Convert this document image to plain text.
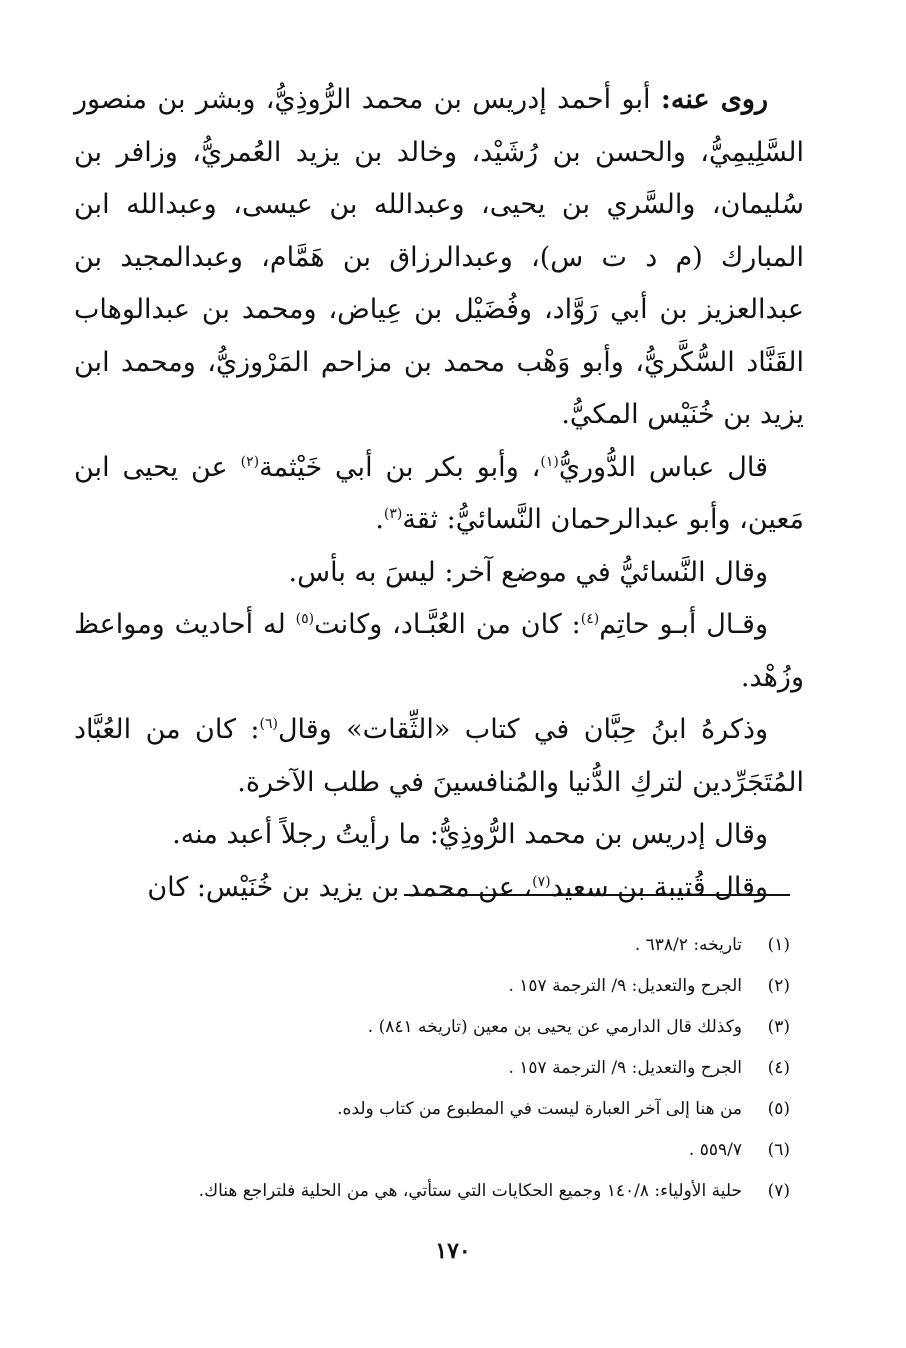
روى عنه: أبو أحمد إدريس بن محمد الرُّوذِيُّ، وبشر بن منصور السَّلِيمِيُّ، والحسن بن رُشَيْد، وخالد بن يزيد العُمريُّ، وزافر بن سُليمان، والسَّري بن يحيى، وعبدالله بن عيسى، وعبدالله ابن المبارك (م د ت س)، وعبدالرزاق بن هَمَّام، وعبدالمجيد بن عبدالعزيز بن أبي رَوَّاد، وفُضَيْل بن عِياض، ومحمد بن عبدالوهاب القَنَّاد السُّكَّريُّ، وأبو وَهْب محمد بن مزاحم المَرْوزيُّ، ومحمد ابن يزيد بن خُنَيْس المكيُّ.

قال عباس الدُّوريُّ$^{(١)}$، وأبو بكر بن أبي خَيْثمة$^{(٢)}$ عن يحيى ابن مَعين، وأبو عبدالرحمان النَّسائيُّ: ثقة$^{(٣)}$.

وقال النَّسائيُّ في موضع آخر: ليسَ به بأس.

وقـال أبـو حاتِم$^{(٤)}$: كان من العُبَّـاد، وكانت$^{(٥)}$ له أحاديث ومواعظ وزُهْد.

وذكرهُ ابنُ حِبَّان في كتاب «الثِّقات» وقال$^{(٦)}$: كان من العُبَّاد المُتَجَرِّدين لتركِ الدُّنيا والمُنافسينَ في طلب الآخرة.

وقال إدريس بن محمد الرُّوذِيُّ: ما رأيتُ رجلاً أعبد منه.

وقال قُتيبة بن سعيد$^{(٧)}$، عن محمد بن يزيد بن خُنَيْس: كان

(١)
تاريخه: ٦٣٨/٢ .
(٢)
الجرح والتعديل: ٩/ الترجمة ١٥٧ .
(٣)
وكذلك قال الدارمي عن يحيى بن معين (تاريخه ٨٤١) .
(٤)
الجرح والتعديل: ٩/ الترجمة ١٥٧ .
(٥)
من هنا إلى آخر العبارة ليست في المطبوع من كتاب ولده.
(٦)
٥٥٩/٧ .
(٧)
حلية الأولياء: ١٤٠/٨ وجميع الحكايات التي ستأتي، هي من الحلية فلتراجع هناك.
١٧٠
